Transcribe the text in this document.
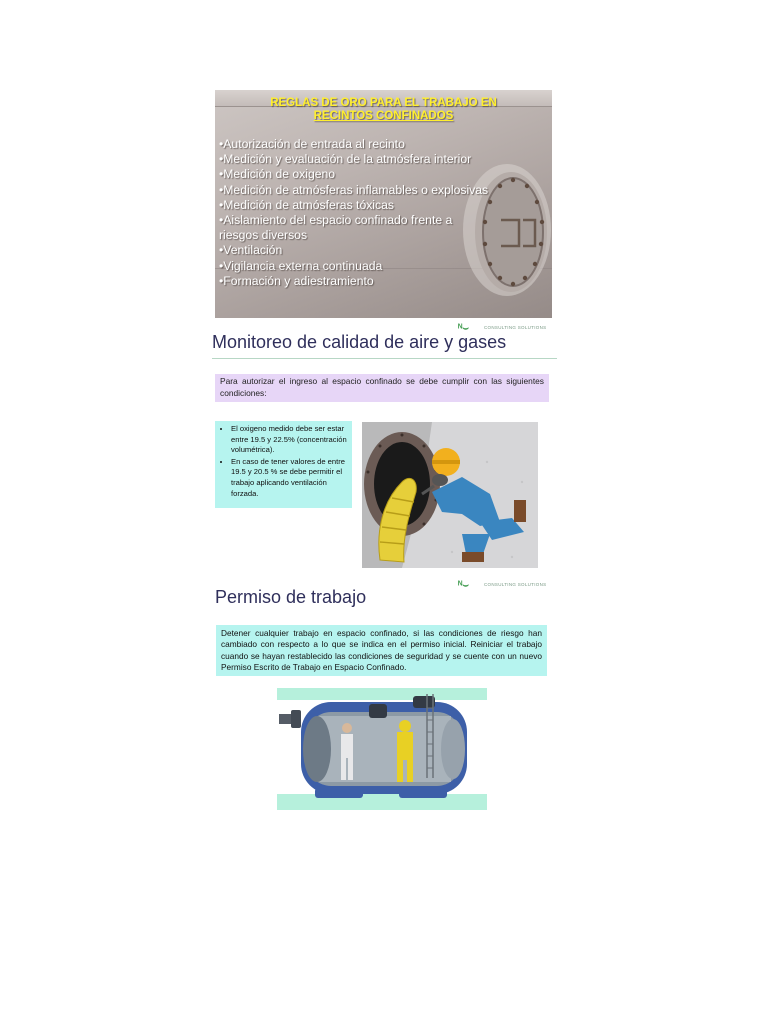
REGLAS DE ORO PARA EL TRABAJO EN
RECINTOS CONFINADOS
• Autorización de entrada al recinto
• Medición y evaluación de la atmósfera interior
• Medición de oxigeno
• Medición de atmósferas inflamables o explosivas
• Medición de atmósferas tóxicas
• Aislamiento del espacio confinado frente a riesgos diversos
• Ventilación
• Vigilancia externa continuada
• Formación y adiestramiento
ᴺ⌣	CONSULTING SOLUTIONS
Monitoreo de calidad de aire y gases
Para autorizar el ingreso al espacio confinado se debe cumplir con las siguientes condiciones:
• El oxigeno medido debe ser estar entre 19.5 y 22.5% (concentración volumétrica).
• En caso de tener valores de entre 19.5 y 20.5 % se debe permitir el trabajo aplicando ventilación forzada.
ᴺ⌣	CONSULTING SOLUTIONS
Permiso de trabajo
Detener cualquier trabajo en espacio confinado, si las condiciones de riesgo han cambiado con respecto a lo que se indica en el permiso inicial. Reiniciar el trabajo cuando se hayan restablecido las condiciones de seguridad y se cuente con un nuevo Permiso Escrito de Trabajo en Espacio Confinado.
